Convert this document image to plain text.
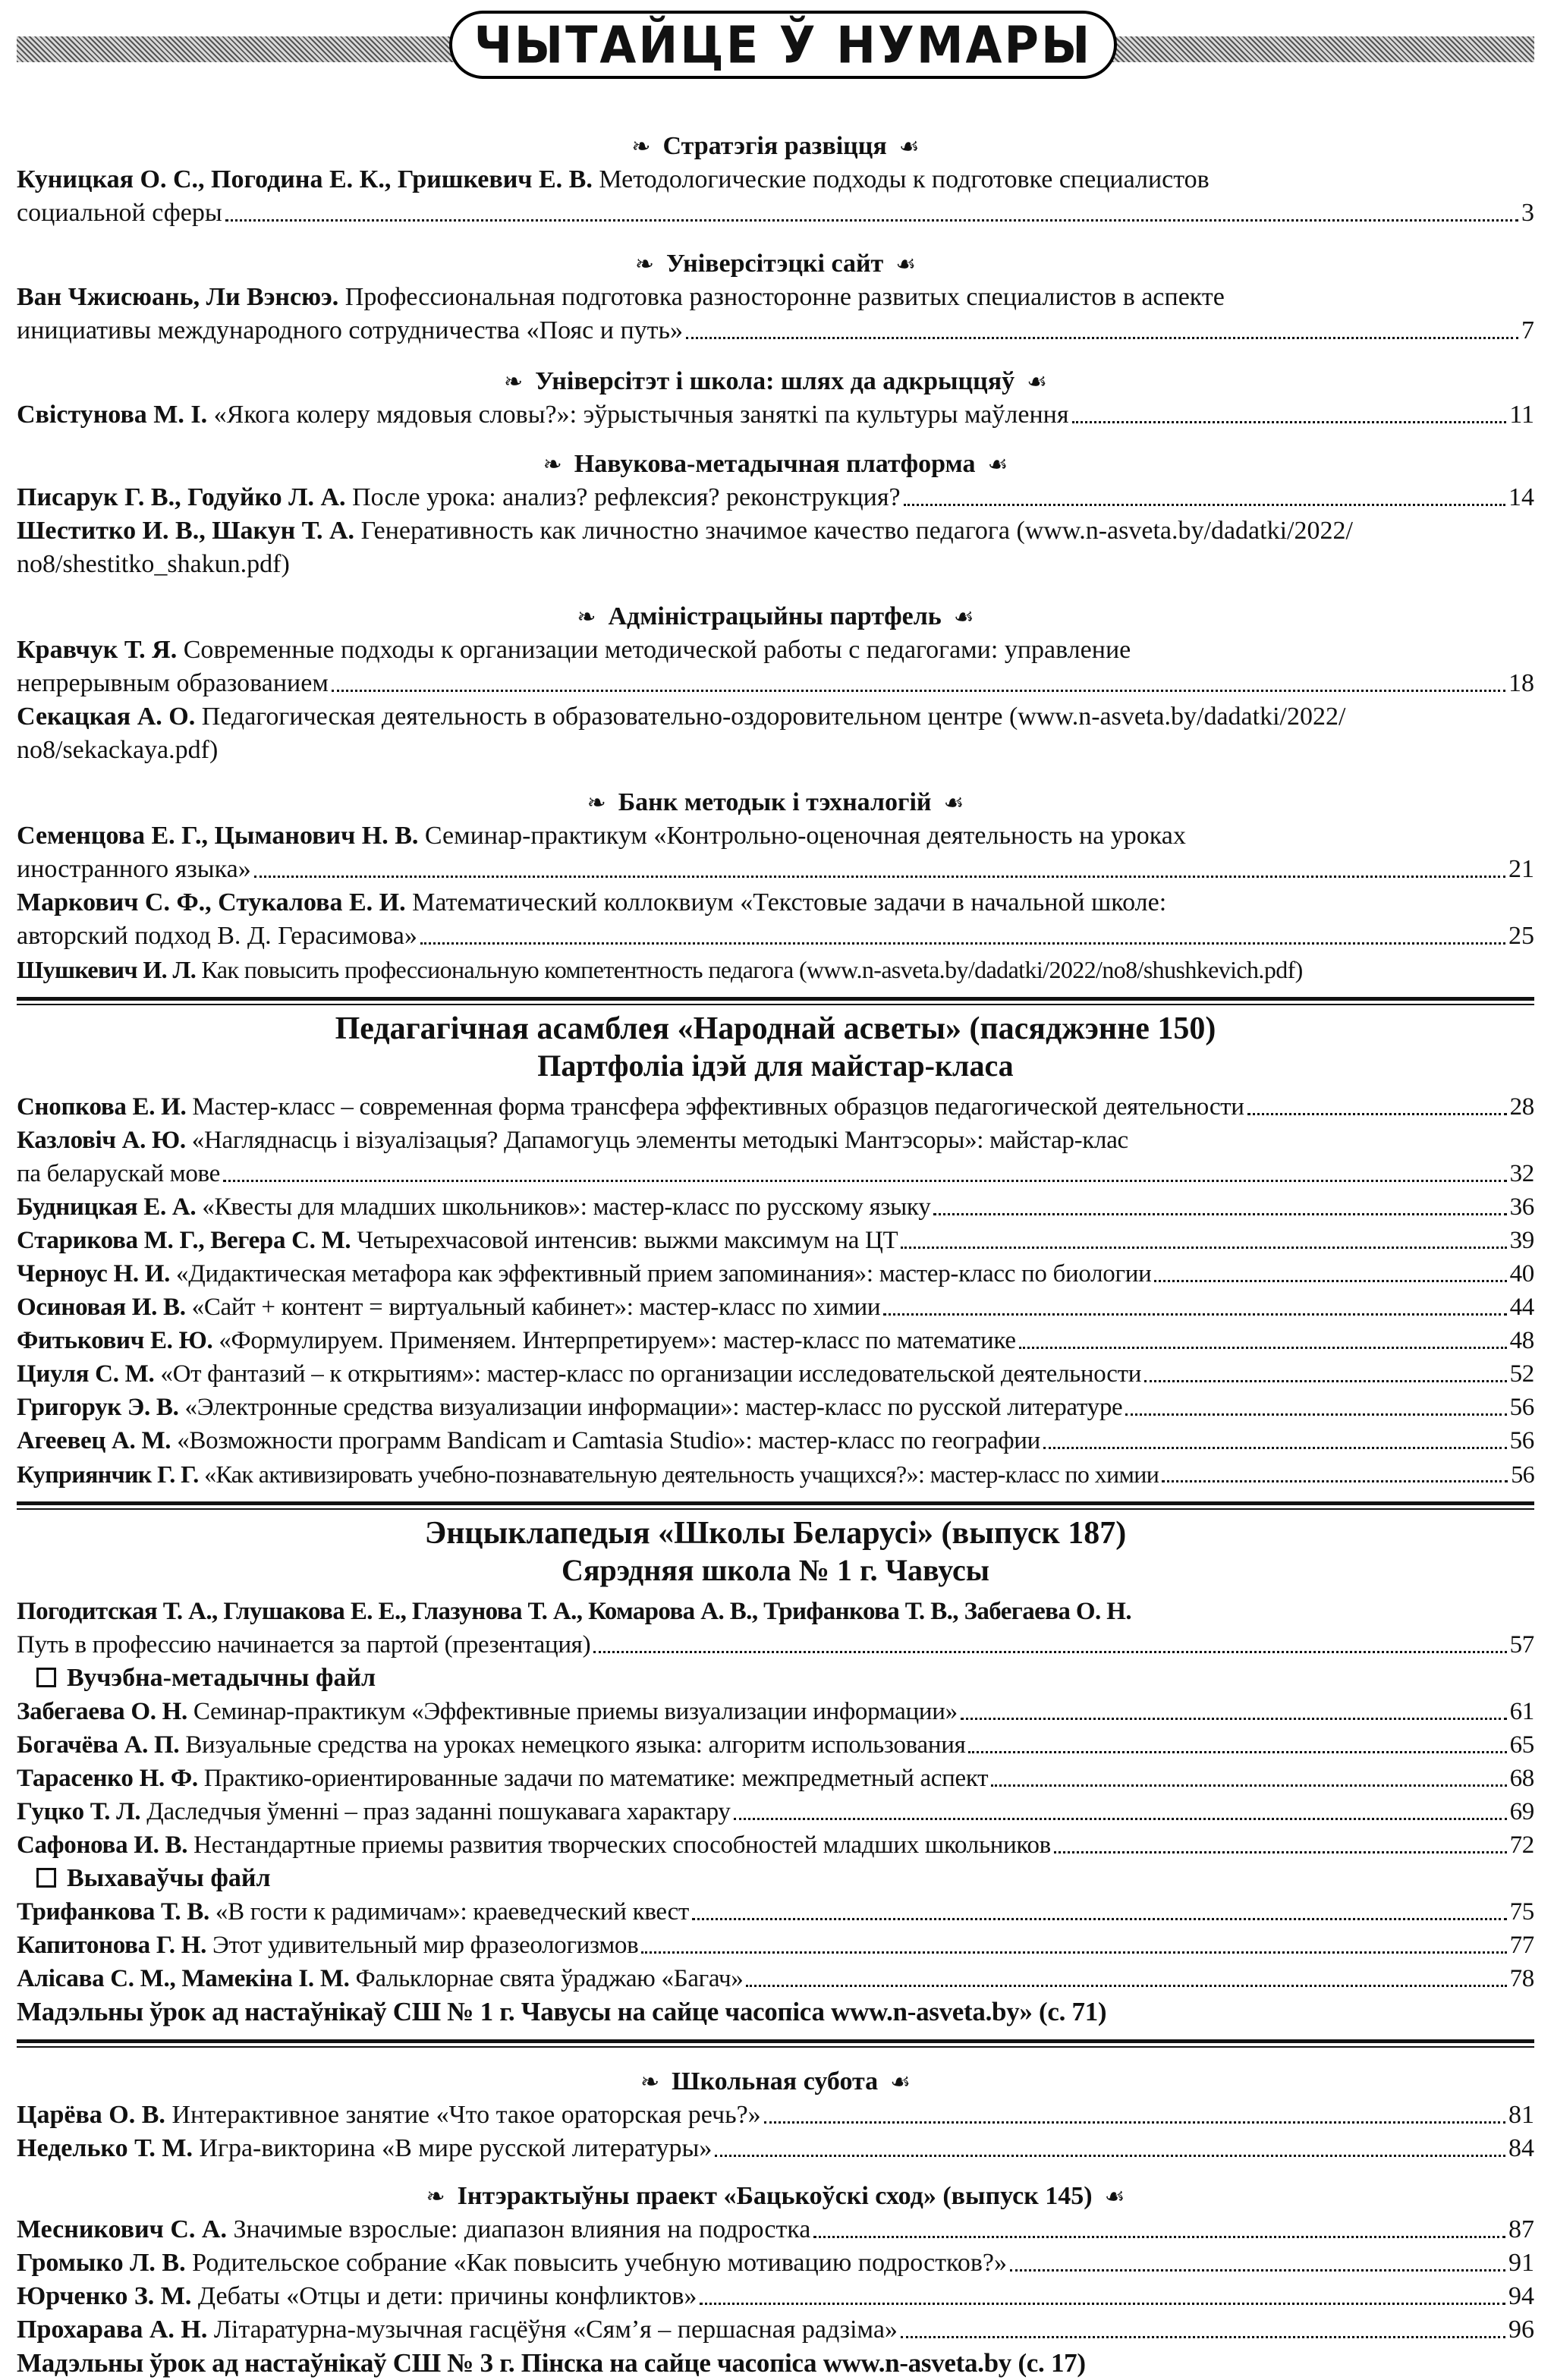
ЧЫТАЙЦЕ Ў НУМАРЫ
❧ Стратэгія развіцця ☙
Куницкая О. С., Погодина Е. К., Гришкевич Е. В. Методологические подходы к подготовке специалистов
социальной сферы	3
❧ Універсітэцкі сайт ☙
Ван Чжисюань, Ли Вэнсюэ. Профессиональная подготовка разносторонне развитых специалистов в аспекте
инициативы международного сотрудничества «Пояс и путь»	7
❧ Універсітэт і школа: шлях да адкрыццяў ☙
Свістунова М. І. «Якога колеру мядовыя словы?»: эўрыстычныя заняткі па культуры маўлення	11
❧ Навукова-метадычная платформа ☙
Писарук Г. В., Годуйко Л. А. После урока: анализ? рефлексия? реконструкция?	14
Шеститко И. В., Шакун Т. А. Генеративность как личностно значимое качество педагога (www.n-asveta.by/dadatki/2022/
no8/shestitko_shakun.pdf)
❧ Адміністрацыйны партфель ☙
Кравчук Т. Я. Современные подходы к организации методической работы с педагогами: управление
непрерывным образованием	18
Секацкая А. О. Педагогическая деятельность в образовательно-оздоровительном центре (www.n-asveta.by/dadatki/2022/
no8/sekackaya.pdf)
❧ Банк методык і тэхналогій ☙
Семенцова Е. Г., Цыманович Н. В. Семинар-практикум «Контрольно-оценочная деятельность на уроках
иностранного языка»	21
Маркович С. Ф., Стукалова Е. И. Математический коллоквиум «Текстовые задачи в начальной школе:
авторский подход В. Д. Герасимова»	25
Шушкевич И. Л. Как повысить профессиональную компетентность педагога (www.n-asveta.by/dadatki/2022/no8/shushkevich.pdf)
Педагагічная асамблея «Народнай асветы» (пасяджэнне 150)
Партфоліа ідэй для майстар-класа
Снопкова Е. И. Мастер-класс – современная форма трансфера эффективных образцов педагогической деятельности	28
Казловіч А. Ю. «Нагляднасць і візуалізацыя? Дапамогуць элементы методыкі Мантэсоры»: майстар-клас
па беларускай мове	32
Будницкая Е. А. «Квесты для младших школьников»: мастер-класс по русскому языку	36
Старикова М. Г., Вегера С. М. Четырехчасовой интенсив: выжми максимум на ЦТ	39
Черноус Н. И. «Дидактическая метафора как эффективный прием запоминания»: мастер-класс по биологии	40
Осиновая И. В. «Сайт + контент = виртуальный кабинет»: мастер-класс по химии	44
Фитькович Е. Ю. «Формулируем. Применяем. Интерпретируем»: мастер-класс по математике	48
Циуля С. М. «От фантазий – к открытиям»: мастер-класс по организации исследовательской деятельности	52
Григорук Э. В. «Электронные средства визуализации информации»: мастер-класс по русской литературе	56
Агеевец А. М. «Возможности программ Bandicam и Camtasia Studio»: мастер-класс по географии	56
Куприянчик Г. Г. «Как активизировать учебно-познавательную деятельность учащихся?»: мастер-класс по химии	56
Энцыклапедыя «Школы Беларусі» (выпуск 187)
Сярэдняя школа № 1 г. Чавусы
Погодитская Т. А., Глушакова Е. Е., Глазунова Т. А., Комарова А. В., Трифанкова Т. В., Забегаева О. Н.
Путь в профессию начинается за партой (презентация)	57
Вучэбна-метадычны файл
Забегаева О. Н. Семинар-практикум «Эффективные приемы визуализации информации»	61
Богачёва А. П. Визуальные средства на уроках немецкого языка: алгоритм использования	65
Тарасенко Н. Ф. Практико-ориентированные задачи по математике: межпредметный аспект	68
Гуцко Т. Л. Даследчыя ўменні – праз заданні пошукавага характару	69
Сафонова И. В. Нестандартные приемы развития творческих способностей младших школьников	72
Выхаваўчы файл
Трифанкова Т. В. «В гости к радимичам»: краеведческий квест	75
Капитонова Г. Н. Этот удивительный мир фразеологизмов	77
Алісава С. М., Мамекіна І. М. Фальклорнае свята ўраджаю «Багач»	78
Мадэльны ўрок ад настаўнікаў СШ № 1 г. Чавусы на сайце часопіса www.n-asveta.by» (с. 71)
❧ Школьная субота ☙
Царёва О. В. Интерактивное занятие «Что такое ораторская речь?»	81
Неделько Т. М. Игра-викторина «В мире русской литературы»	84
❧ Інтэрактыўны праект «Бацькоўскі сход» (выпуск 145) ☙
Месникович С. А. Значимые взрослые: диапазон влияния на подростка	87
Громыко Л. В. Родительское собрание «Как повысить учебную мотивацию подростков?»	91
Юрченко З. М. Дебаты «Отцы и дети: причины конфликтов»	94
Прохарава А. Н. Літаратурна-музычная гасцёўня «Сям’я – першасная радзіма»	96
Мадэльны ўрок ад настаўнікаў СШ № 3 г. Пінска на сайце часопіса www.n-asveta.by (с. 17)
